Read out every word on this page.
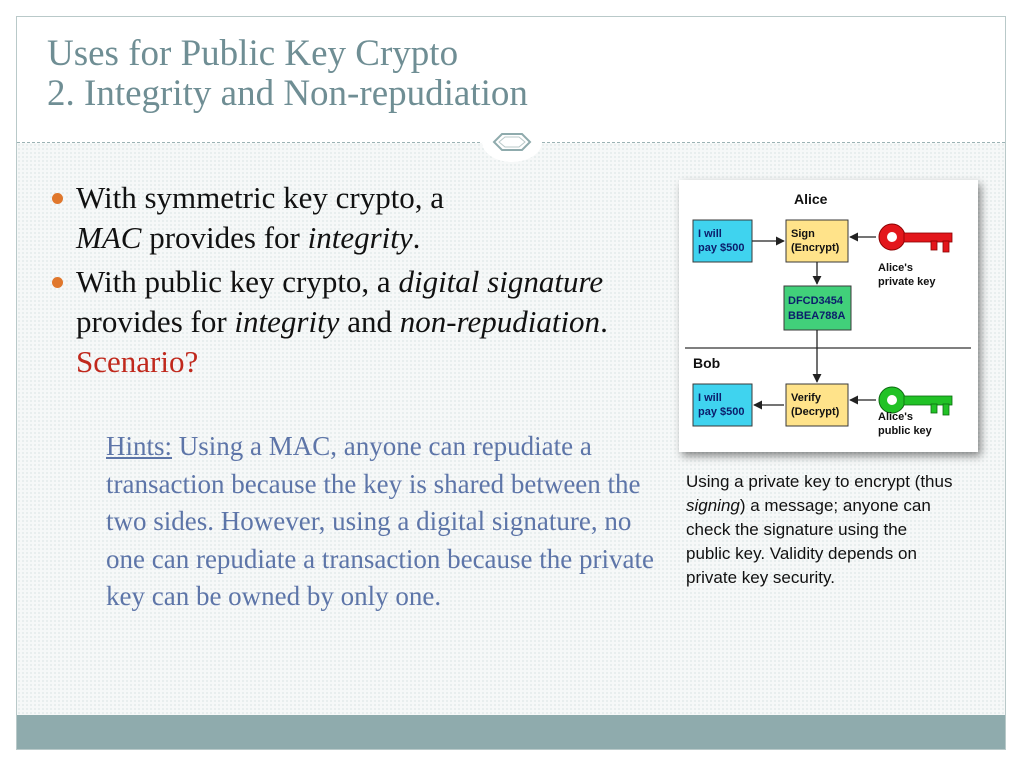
Uses for Public Key Crypto
2. Integrity and Non-repudiation
With symmetric key crypto, a
MAC provides for integrity.
With public key crypto, a digital signature provides for integrity and non-repudiation. Scenario?
Hints: Using a MAC, anyone can repudiate a transaction because the key is shared between the two sides. However, using a digital signature, no one can repudiate a transaction because the private key can be owned by only one.
Alice
I will
pay $500
Sign
(Encrypt)
Alice's
private key
DFCD3454
BBEA788A
Bob
I will
pay $500
Verify
(Decrypt)	Alice's
public key
Using a private key to encrypt (thus signing) a message; anyone can check the signature using the public key. Validity depends on private key security.
